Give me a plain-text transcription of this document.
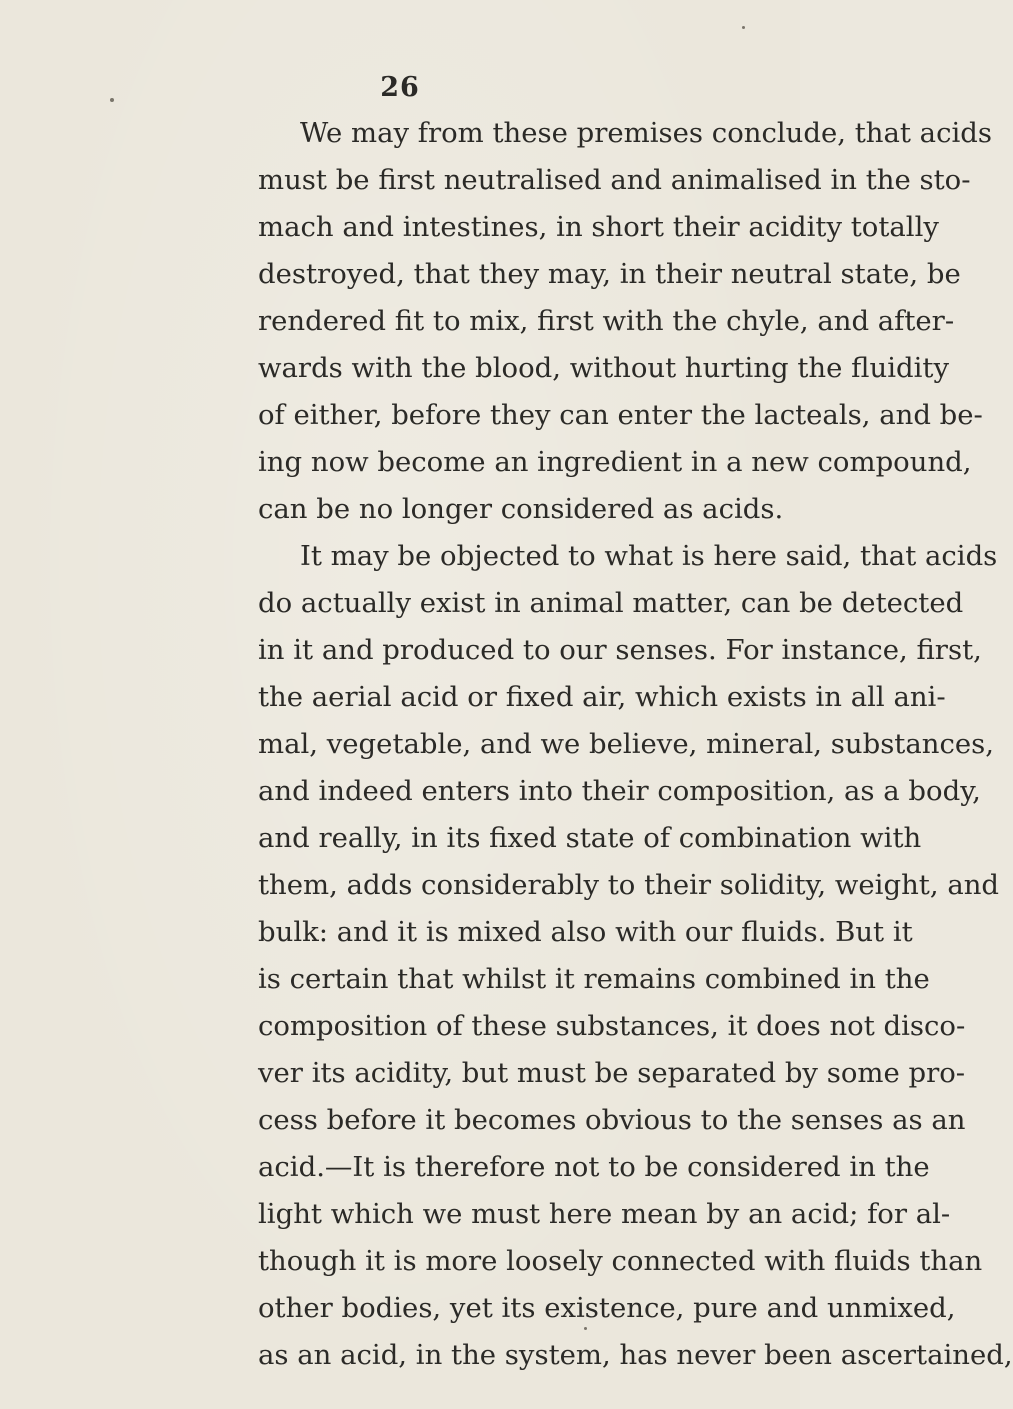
26
We may from these premises conclude, that acids
must be first neutralised and animalised in the sto-
mach and intestines, in short their acidity totally
destroyed, that they may, in their neutral state, be
rendered fit to mix, first with the chyle, and after-
wards with the blood, without hurting the fluidity
of either, before they can enter the lacteals, and be-
ing now become an ingredient in a new compound,
can be no longer considered as acids.
It may be objected to what is here said, that acids
do actually exist in animal matter, can be detected
in it and produced to our senses. For instance, first,
the aerial acid or fixed air, which exists in all ani-
mal, vegetable, and we believe, mineral, substances,
and indeed enters into their composition, as a body,
and really, in its fixed state of combination with
them, adds considerably to their solidity, weight, and
bulk: and it is mixed also with our fluids. But it
is certain that whilst it remains combined in the
composition of these substances, it does not disco-
ver its acidity, but must be separated by some pro-
cess before it becomes obvious to the senses as an
acid.—It is therefore not to be considered in the
light which we must here mean by an acid; for al-
though it is more loosely connected with fluids than
other bodies, yet its existence, pure and unmixed,
as an acid, in the system, has never been ascertained,
